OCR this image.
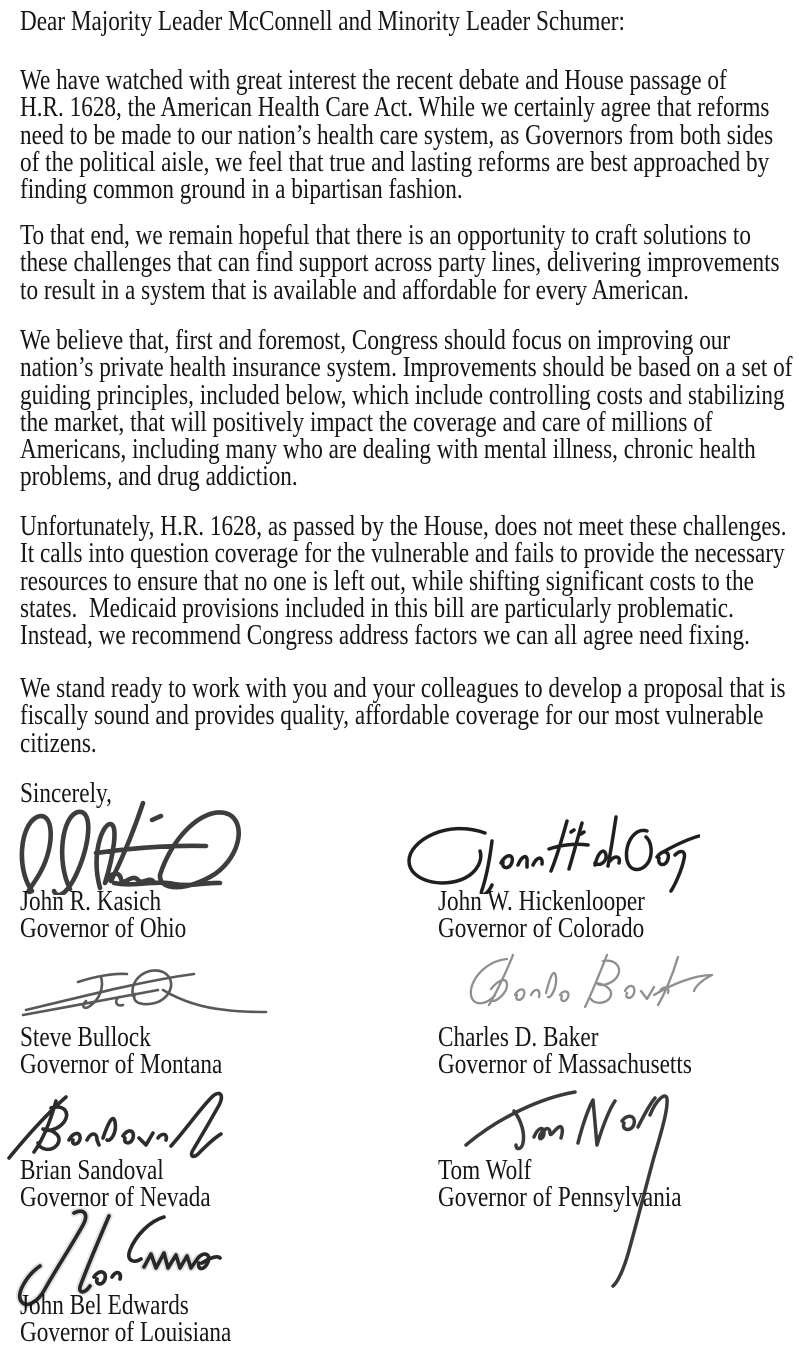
Dear Majority Leader McConnell and Minority Leader Schumer:
We have watched with great interest the recent debate and House passage of
H.R. 1628, the American Health Care Act. While we certainly agree that reforms
need to be made to our nation’s health care system, as Governors from both sides
of the political aisle, we feel that true and lasting reforms are best approached by
finding common ground in a bipartisan fashion.
To that end, we remain hopeful that there is an opportunity to craft solutions to
these challenges that can find support across party lines, delivering improvements
to result in a system that is available and affordable for every American.
We believe that, first and foremost, Congress should focus on improving our
nation’s private health insurance system. Improvements should be based on a set of
guiding principles, included below, which include controlling costs and stabilizing
the market, that will positively impact the coverage and care of millions of
Americans, including many who are dealing with mental illness, chronic health
problems, and drug addiction.
Unfortunately, H.R. 1628, as passed by the House, does not meet these challenges.
It calls into question coverage for the vulnerable and fails to provide the necessary
resources to ensure that no one is left out, while shifting significant costs to the
states.  Medicaid provisions included in this bill are particularly problematic.
Instead, we recommend Congress address factors we can all agree need fixing.
We stand ready to work with you and your colleagues to develop a proposal that is
fiscally sound and provides quality, affordable coverage for our most vulnerable
citizens.
Sincerely,
John R. Kasich
Governor of Ohio
John W. Hickenlooper
Governor of Colorado
Steve Bullock
Governor of Montana
Charles D. Baker
Governor of Massachusetts
Brian Sandoval
Governor of Nevada
Tom Wolf
Governor of Pennsylvania
John Bel Edwards
Governor of Louisiana
